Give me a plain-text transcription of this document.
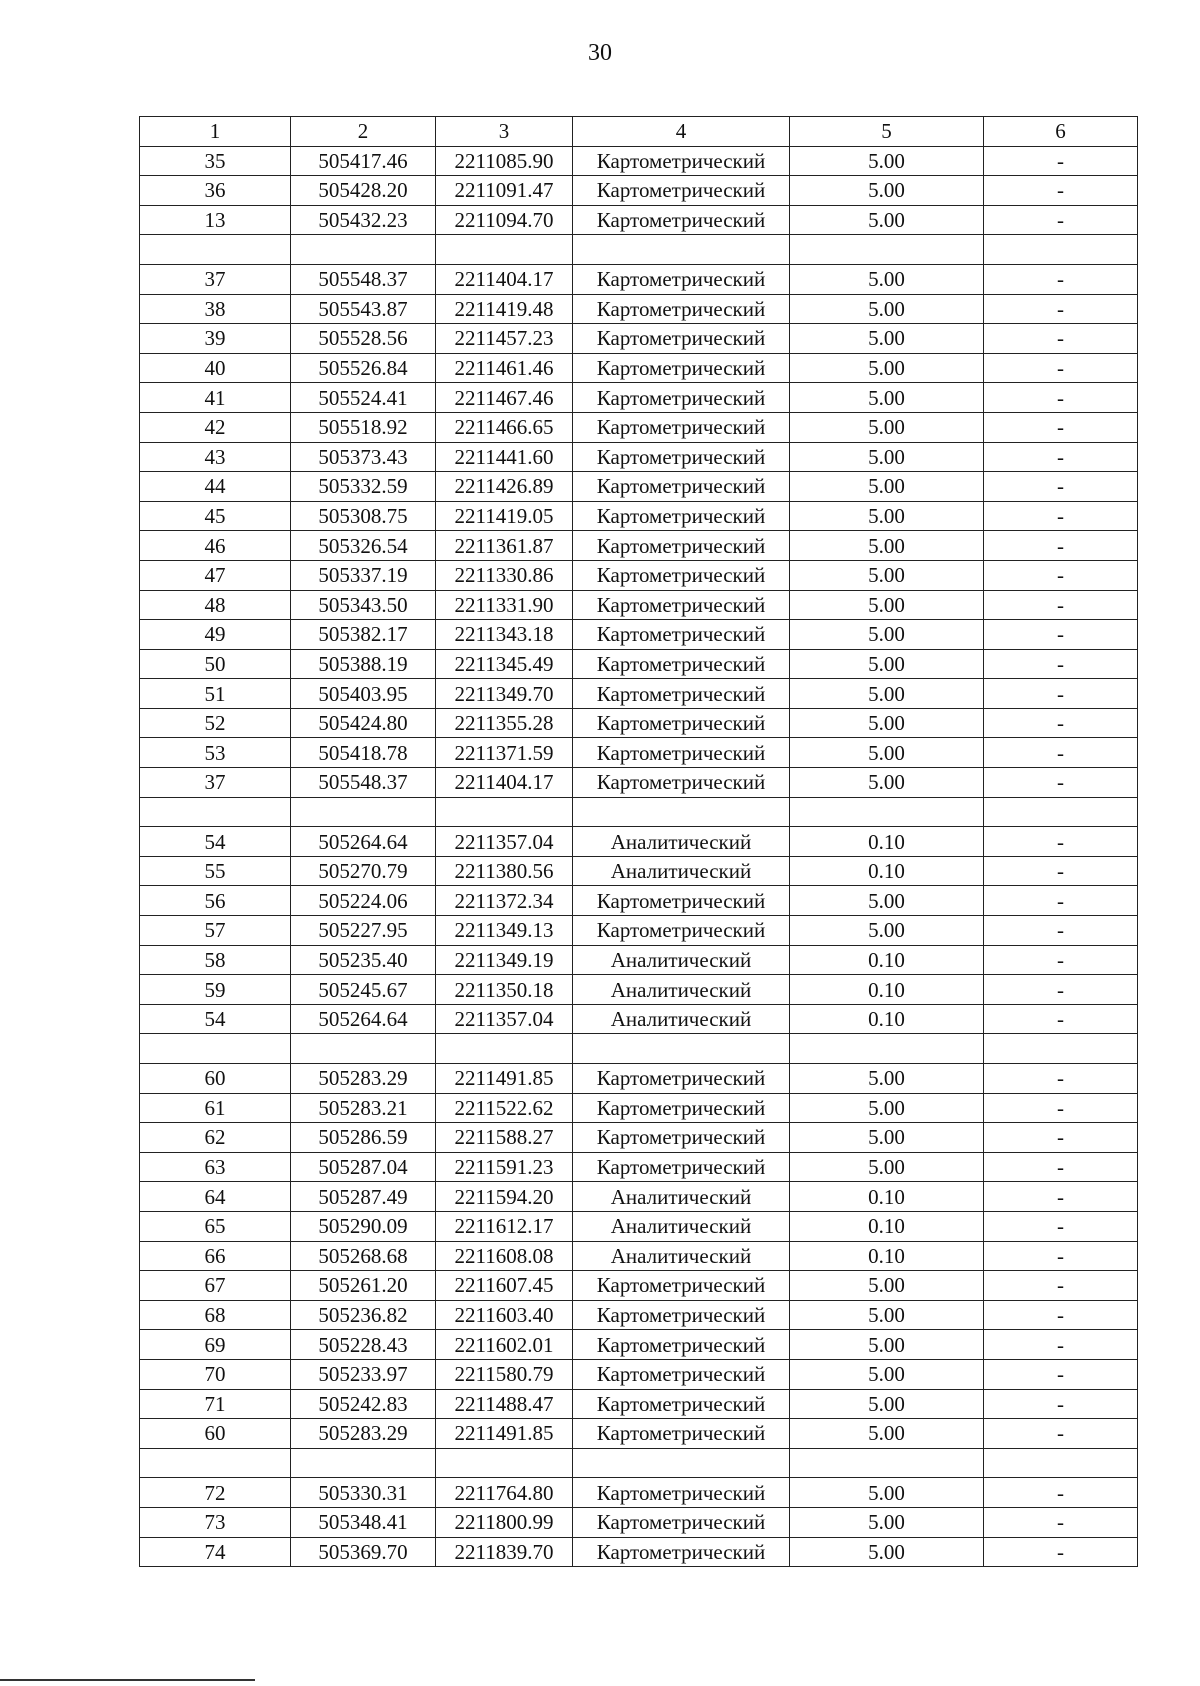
30
1	2	3	4	5	6
35	505417.46	2211085.90	Картометрический	5.00	-
36	505428.20	2211091.47	Картометрический	5.00	-
13	505432.23	2211094.70	Картометрический	5.00	-

37	505548.37	2211404.17	Картометрический	5.00	-
38	505543.87	2211419.48	Картометрический	5.00	-
39	505528.56	2211457.23	Картометрический	5.00	-
40	505526.84	2211461.46	Картометрический	5.00	-
41	505524.41	2211467.46	Картометрический	5.00	-
42	505518.92	2211466.65	Картометрический	5.00	-
43	505373.43	2211441.60	Картометрический	5.00	-
44	505332.59	2211426.89	Картометрический	5.00	-
45	505308.75	2211419.05	Картометрический	5.00	-
46	505326.54	2211361.87	Картометрический	5.00	-
47	505337.19	2211330.86	Картометрический	5.00	-
48	505343.50	2211331.90	Картометрический	5.00	-
49	505382.17	2211343.18	Картометрический	5.00	-
50	505388.19	2211345.49	Картометрический	5.00	-
51	505403.95	2211349.70	Картометрический	5.00	-
52	505424.80	2211355.28	Картометрический	5.00	-
53	505418.78	2211371.59	Картометрический	5.00	-
37	505548.37	2211404.17	Картометрический	5.00	-

54	505264.64	2211357.04	Аналитический	0.10	-
55	505270.79	2211380.56	Аналитический	0.10	-
56	505224.06	2211372.34	Картометрический	5.00	-
57	505227.95	2211349.13	Картометрический	5.00	-
58	505235.40	2211349.19	Аналитический	0.10	-
59	505245.67	2211350.18	Аналитический	0.10	-
54	505264.64	2211357.04	Аналитический	0.10	-

60	505283.29	2211491.85	Картометрический	5.00	-
61	505283.21	2211522.62	Картометрический	5.00	-
62	505286.59	2211588.27	Картометрический	5.00	-
63	505287.04	2211591.23	Картометрический	5.00	-
64	505287.49	2211594.20	Аналитический	0.10	-
65	505290.09	2211612.17	Аналитический	0.10	-
66	505268.68	2211608.08	Аналитический	0.10	-
67	505261.20	2211607.45	Картометрический	5.00	-
68	505236.82	2211603.40	Картометрический	5.00	-
69	505228.43	2211602.01	Картометрический	5.00	-
70	505233.97	2211580.79	Картометрический	5.00	-
71	505242.83	2211488.47	Картометрический	5.00	-
60	505283.29	2211491.85	Картометрический	5.00	-

72	505330.31	2211764.80	Картометрический	5.00	-
73	505348.41	2211800.99	Картометрический	5.00	-
74	505369.70	2211839.70	Картометрический	5.00	-
